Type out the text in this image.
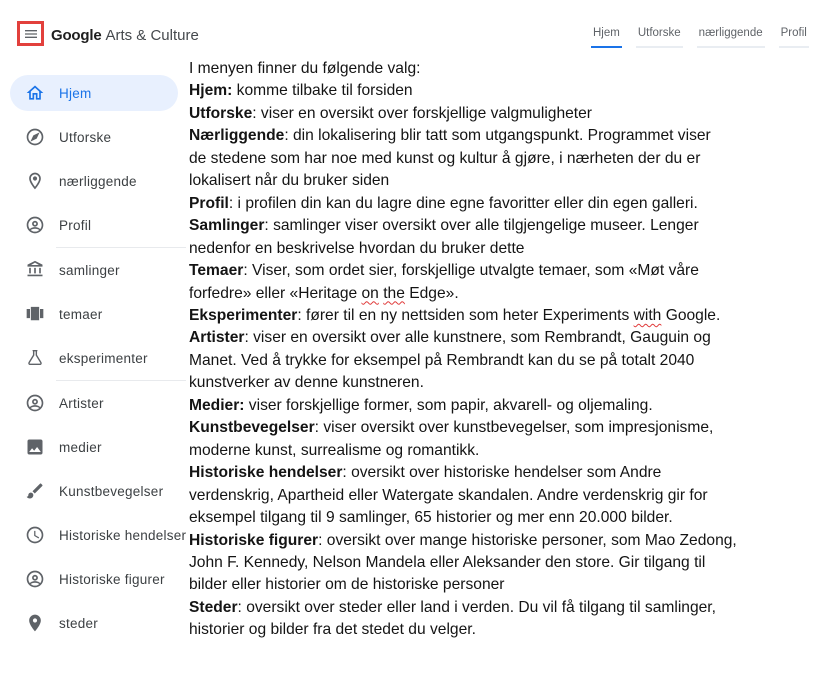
Google Arts & Culture	Hjem Utforske nærliggende Profil
Hjem
Utforske
nærliggende
Profil
samlinger
temaer
eksperimenter
Artister
medier
Kunstbevegelser
Historiske hendelser
Historiske figurer
steder
I menyen finner du følgende valg:
Hjem: komme tilbake til forsiden
Utforske: viser en oversikt over forskjellige valgmuligheter
Nærliggende: din lokalisering blir tatt som utgangspunkt. Programmet viser
de stedene som har noe med kunst og kultur å gjøre, i nærheten der du er
lokalisert når du bruker siden
Profil: i profilen din kan du lagre dine egne favoritter eller din egen galleri.
Samlinger: samlinger viser oversikt over alle tilgjengelige museer. Lenger
nedenfor en beskrivelse hvordan du bruker dette
Temaer: Viser, som ordet sier, forskjellige utvalgte temaer, som «Møt våre
forfedre» eller «Heritage on the Edge».
Eksperimenter: fører til en ny nettsiden som heter Experiments with Google.
Artister: viser en oversikt over alle kunstnere, som Rembrandt, Gauguin og
Manet. Ved å trykke for eksempel på Rembrandt kan du se på totalt 2040
kunstverker av denne kunstneren.
Medier: viser forskjellige former, som papir, akvarell- og oljemaling.
Kunstbevegelser: viser oversikt over kunstbevegelser, som impresjonisme,
moderne kunst, surrealisme og romantikk.
Historiske hendelser: oversikt over historiske hendelser som Andre
verdenskrig, Apartheid eller Watergate skandalen. Andre verdenskrig gir for
eksempel tilgang til 9 samlinger, 65 historier og mer enn 20.000 bilder.
Historiske figurer: oversikt over mange historiske personer, som Mao Zedong,
John F. Kennedy, Nelson Mandela eller Aleksander den store. Gir tilgang til
bilder eller historier om de historiske personer
Steder: oversikt over steder eller land i verden. Du vil få tilgang til samlinger,
historier og bilder fra det stedet du velger.
